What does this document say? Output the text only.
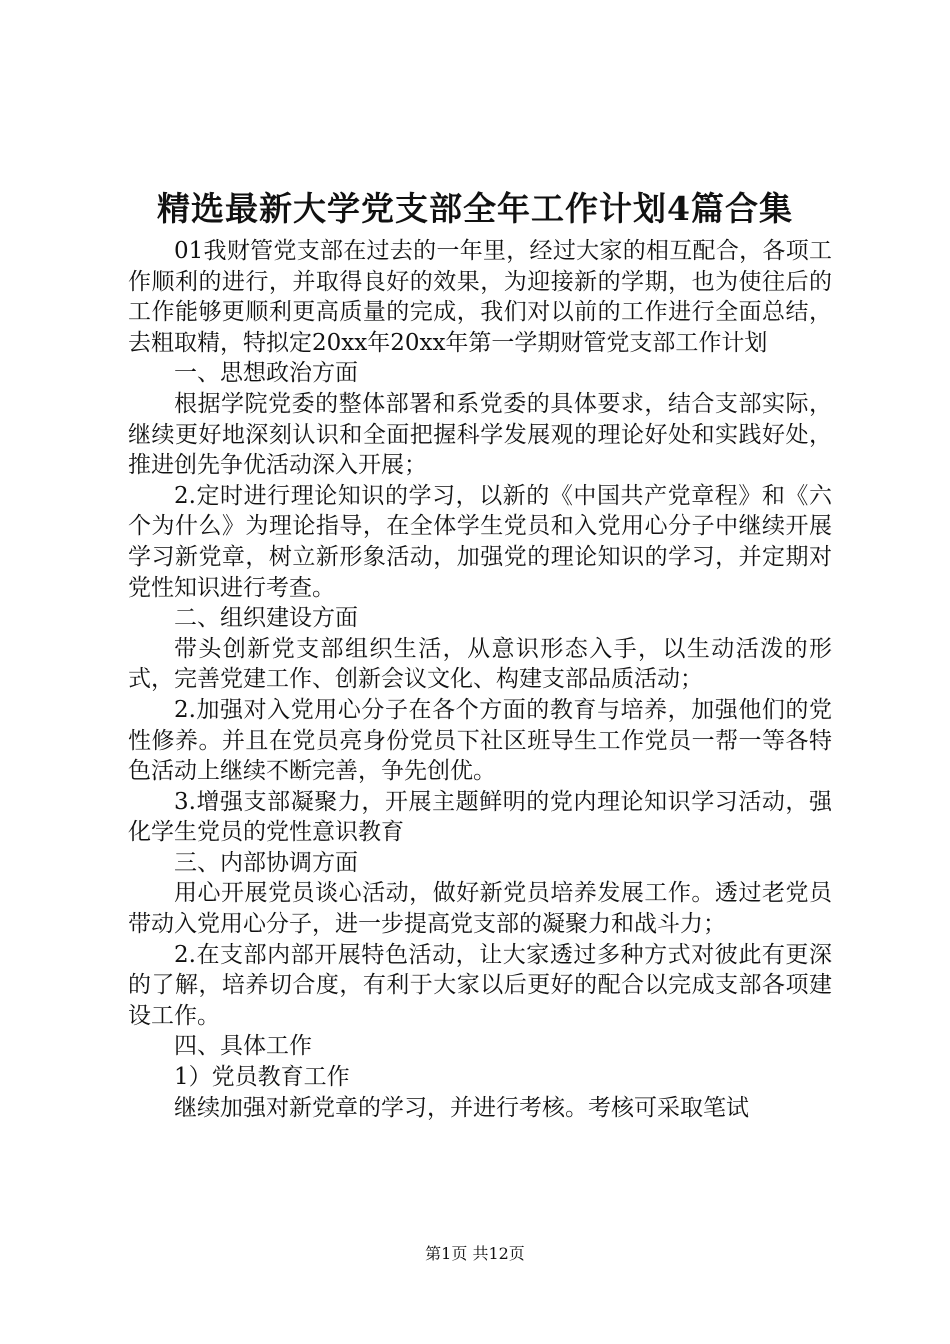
精选最新大学党支部全年工作计划4篇合集

01我财管党支部在过去的一年里，经过大家的相互配合，各项工作顺利的进行，并取得良好的效果，为迎接新的学期，也为使往后的工作能够更顺利更高质量的完成，我们对以前的工作进行全面总结，去粗取精，特拟定20xx年20xx年第一学期财管党支部工作计划

一、思想政治方面

根据学院党委的整体部署和系党委的具体要求，结合支部实际，继续更好地深刻认识和全面把握科学发展观的理论好处和实践好处，推进创先争优活动深入开展；

2.定时进行理论知识的学习，以新的《中国共产党章程》和《六个为什么》为理论指导，在全体学生党员和入党用心分子中继续开展学习新党章，树立新形象活动，加强党的理论知识的学习，并定期对党性知识进行考查。

二、组织建设方面

带头创新党支部组织生活，从意识形态入手，以生动活泼的形式，完善党建工作、创新会议文化、构建支部品质活动；

2.加强对入党用心分子在各个方面的教育与培养，加强他们的党性修养。并且在党员亮身份党员下社区班导生工作党员一帮一等各特色活动上继续不断完善，争先创优。

3.增强支部凝聚力，开展主题鲜明的党内理论知识学习活动，强化学生党员的党性意识教育

三、内部协调方面

用心开展党员谈心活动，做好新党员培养发展工作。透过老党员带动入党用心分子，进一步提高党支部的凝聚力和战斗力；

2.在支部内部开展特色活动，让大家透过多种方式对彼此有更深的了解，培养切合度，有利于大家以后更好的配合以完成支部各项建设工作。

四、具体工作

1）党员教育工作

继续加强对新党章的学习，并进行考核。考核可采取笔试

第1页 共12页
